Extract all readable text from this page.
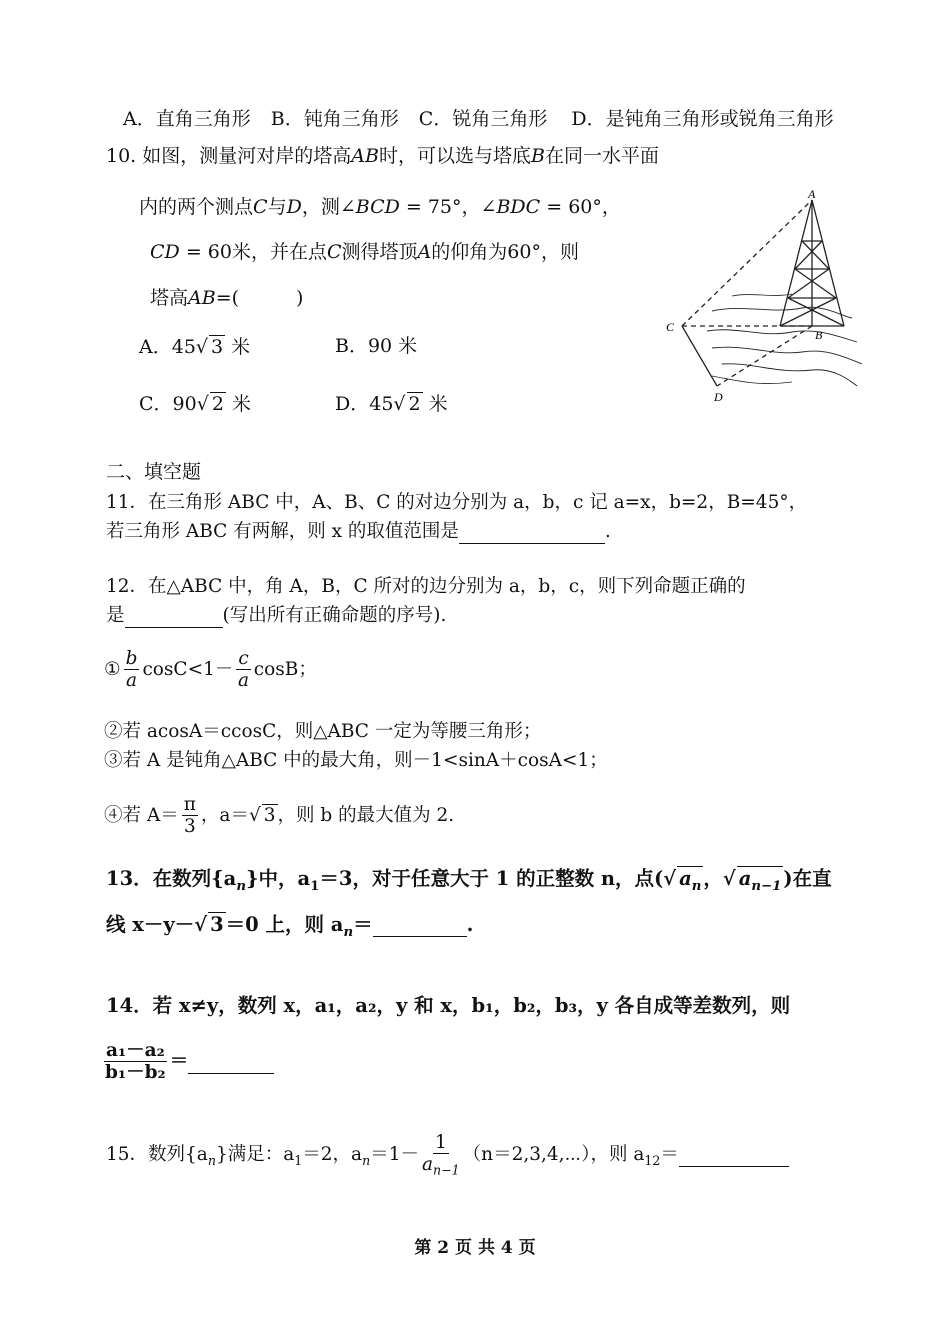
A．直角三角形 B．钝角三角形 C．锐角三角形 D．是钝角三角形或锐角三角形
10. 如图，测量河对岸的塔高AB时，可以选与塔底B在同一水平面
内的两个测点C与D，测∠BCD = 75°，∠BDC = 60°，
CD = 60米，并在点C测得塔顶A的仰角为60°，则
塔高AB=(　　　)
A．45 √ 3 米	B．90 米
C．90 √ 2 米	D．45 √ 2 米
A
B
C
D
二、填空题
11．在三角形 ABC 中，A、B、C 的对边分别为 a，b，c 记 a=x，b=2，B=45°，
若三角形 ABC 有两解，则 x 的取值范围是	.
12．在△ABC 中，角 A，B，C 所对的边分别为 a，b，c，则下列命题正确的
是	(写出所有正确命题的序号).
① $\frac{b}{a} \cos C<1- \frac{c}{a}$ cosB；
②若 acosA＝ccosC，则△ABC 一定为等腰三角形；
③若 A 是钝角△ABC 中的最大角，则－1<sinA＋cosA<1；
④若 $A= \frac{\pi}{3}$ ，a＝ √ 3 ，则 b 的最大值为 2.
13．在数列$\{a_n\}$中，$a_1=3$，对于任意大于 1 的正整数 n，点( √ $a_n$ ， √ $a_{n-1}$ )在直
线 x－y－ √ 3 ＝0 上，则 $a_n=$	.
14．若 x≠y，数列 x，a₁，a₂，y 和 x，b₁，b₂，b₃，y 各自成等差数列，则
$\frac{\text{a₁－a₂}}{\text{b₁－b₂}}$ ＝
15．数列$\{a_n\}$满足：$a_1=2$，$a_n=1- \frac{1}{a_{n-1}}$ （n＝2,3,4,⋯），则 $a_{12}=$
第 2 页 共 4 页
